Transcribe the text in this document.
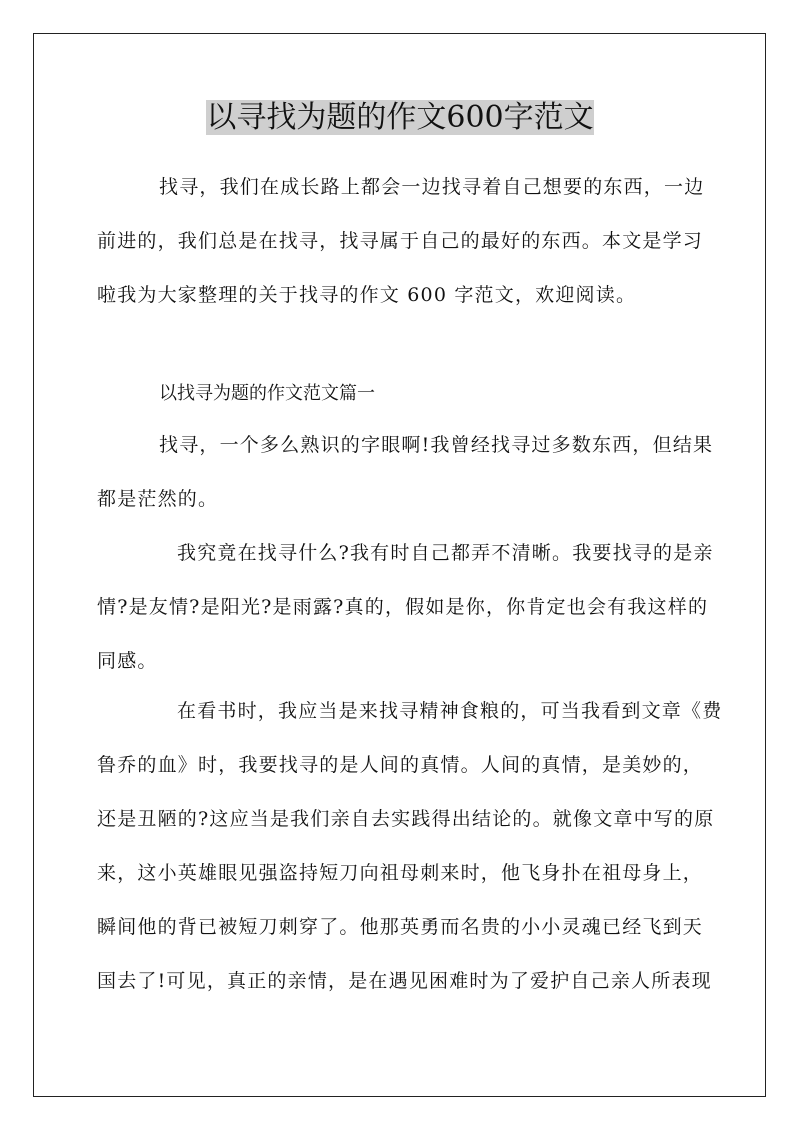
以寻找为题的作文600字范文
找寻，我们在成长路上都会一边找寻着自己想要的东西，一边
前进的，我们总是在找寻，找寻属于自己的最好的东西。本文是学习
啦我为大家整理的关于找寻的作文 600 字范文，欢迎阅读。
以找寻为题的作文范文篇一
找寻，一个多么熟识的字眼啊!我曾经找寻过多数东西，但结果
都是茫然的。
我究竟在找寻什么?我有时自己都弄不清晰。我要找寻的是亲
情?是友情?是阳光?是雨露?真的，假如是你，你肯定也会有我这样的
同感。
在看书时，我应当是来找寻精神食粮的，可当我看到文章《费
鲁乔的血》时，我要找寻的是人间的真情。人间的真情，是美妙的，
还是丑陋的?这应当是我们亲自去实践得出结论的。就像文章中写的原
来，这小英雄眼见强盗持短刀向祖母刺来时，他飞身扑在祖母身上，
瞬间他的背已被短刀刺穿了。他那英勇而名贵的小小灵魂已经飞到天
国去了!可见，真正的亲情，是在遇见困难时为了爱护自己亲人所表现
